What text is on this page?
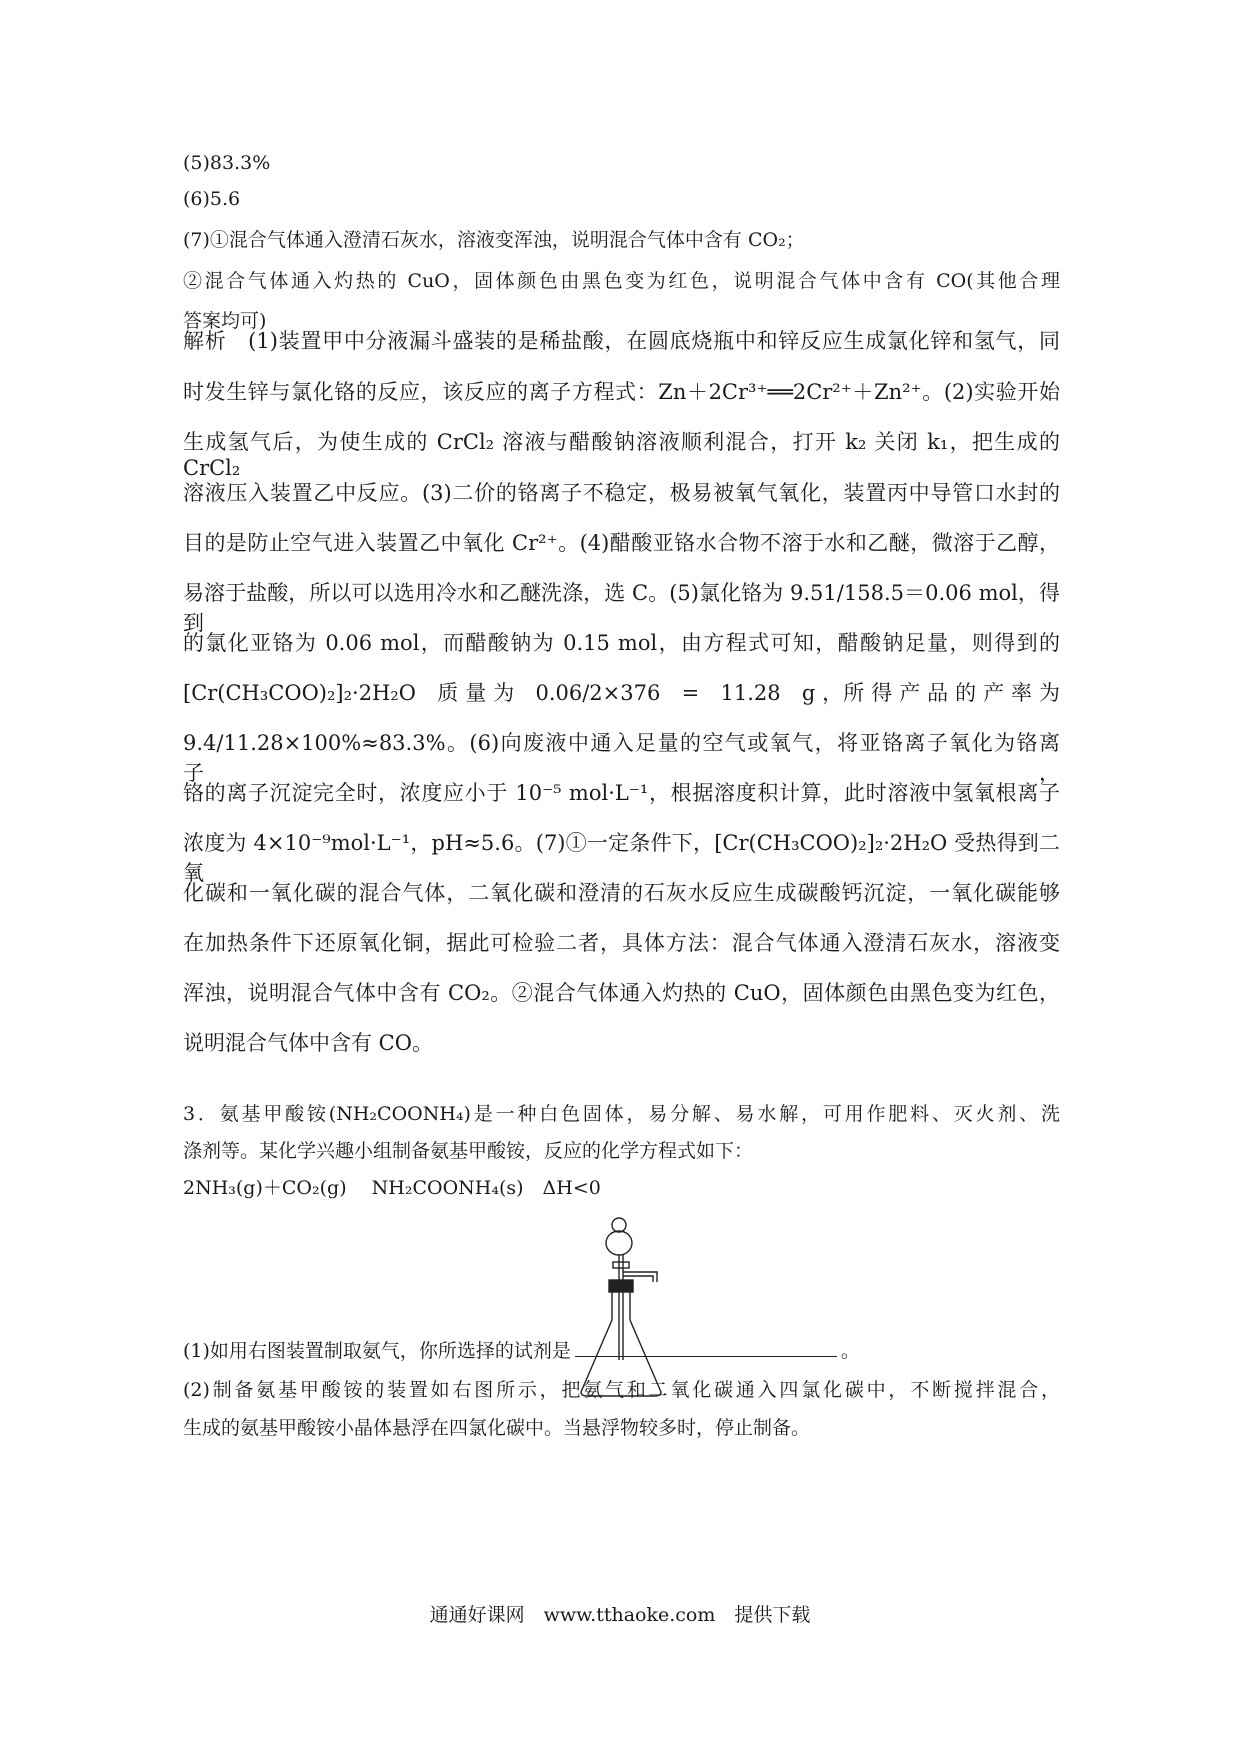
(5)83.3%
(6)5.6
(7)①混合气体通入澄清石灰水，溶液变浑浊，说明混合气体中含有 CO₂；
②混合气体通入灼热的 CuO，固体颜色由黑色变为红色，说明混合气体中含有 CO(其他合理
答案均可)
解析　(1)装置甲中分液漏斗盛装的是稀盐酸，在圆底烧瓶中和锌反应生成氯化锌和氢气，同
时发生锌与氯化铬的反应，该反应的离子方程式：Zn＋2Cr³⁺══2Cr²⁺＋Zn²⁺。(2)实验开始
生成氢气后，为使生成的 CrCl₂ 溶液与醋酸钠溶液顺利混合，打开 k₂ 关闭 k₁，把生成的 CrCl₂
溶液压入装置乙中反应。(3)二价的铬离子不稳定，极易被氧气氧化，装置丙中导管口水封的
目的是防止空气进入装置乙中氧化 Cr²⁺。(4)醋酸亚铬水合物不溶于水和乙醚，微溶于乙醇，
易溶于盐酸，所以可以选用冷水和乙醚洗涤，选 C。(5)氯化铬为 9.51/158.5＝0.06 mol，得到
的氯化亚铬为 0.06 mol，而醋酸钠为 0.15 mol，由方程式可知，醋酸钠足量，则得到的
[Cr(CH₃COO)₂]₂·2H₂O　质 量 为　0.06/2×376　=　11.28　g ，所 得 产 品 的 产 率 为
9.4/11.28×100%≈83.3%。(6)向废液中通入足量的空气或氧气，将亚铬离子氧化为铬离子，
铬的离子沉淀完全时，浓度应小于 10⁻⁵ mol·L⁻¹，根据溶度积计算，此时溶液中氢氧根离子
浓度为 4×10⁻⁹mol·L⁻¹，pH≈5.6。(7)①一定条件下，[Cr(CH₃COO)₂]₂·2H₂O 受热得到二氧
化碳和一氧化碳的混合气体，二氧化碳和澄清的石灰水反应生成碳酸钙沉淀，一氧化碳能够
在加热条件下还原氧化铜，据此可检验二者，具体方法：混合气体通入澄清石灰水，溶液变
浑浊，说明混合气体中含有 CO₂。②混合气体通入灼热的 CuO，固体颜色由黑色变为红色，
说明混合气体中含有 CO。
3．氨基甲酸铵(NH₂COONH₄)是一种白色固体，易分解、易水解，可用作肥料、灭火剂、洗
涤剂等。某化学兴趣小组制备氨基甲酸铵，反应的化学方程式如下：
2NH₃(g)＋CO₂(g)　 NH₂COONH₄(s)　ΔH<0
(1)如用右图装置制取氨气，你所选择的试剂是	。
(2)制备氨基甲酸铵的装置如右图所示，把氨气和二氧化碳通入四氯化碳中，不断搅拌混合，
生成的氨基甲酸铵小晶体悬浮在四氯化碳中。当悬浮物较多时，停止制备。
通通好课网　www.tthaoke.com　提供下载
